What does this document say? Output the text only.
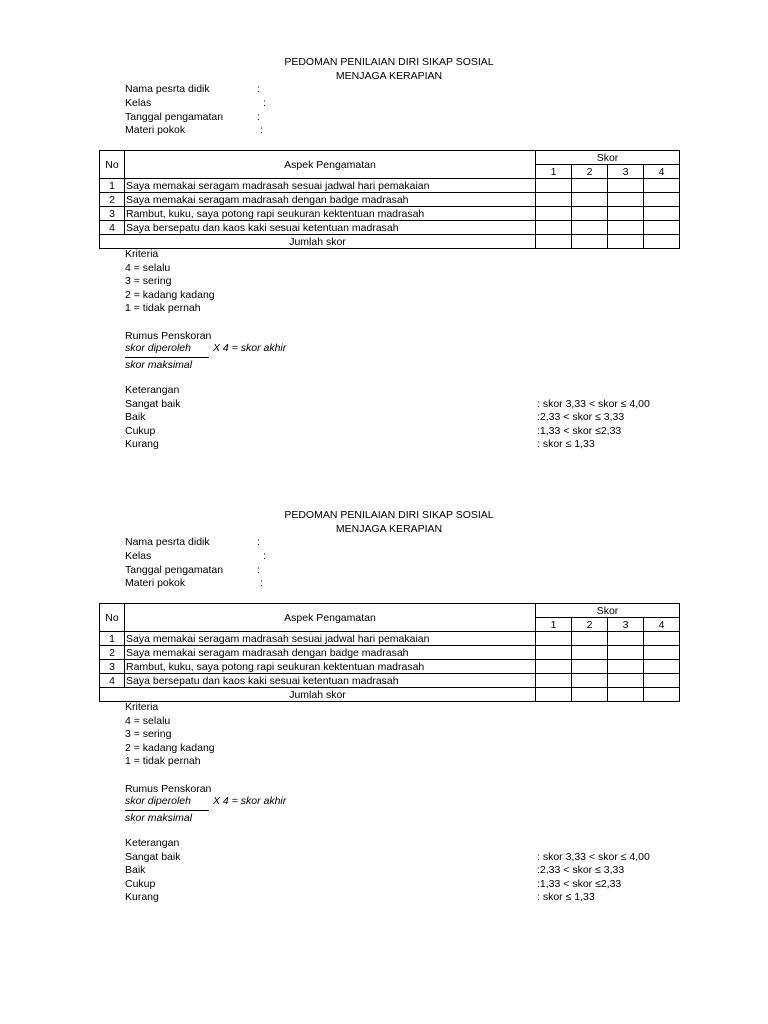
PEDOMAN PENILAIAN DIRI SIKAP SOSIAL
MENJAGA KERAPIAN
Nama pesrta didik	:
Kelas	:
Tanggal pengamatan	:
Materi pokok	:
No	Aspek Pengamatan	Skor			
		1	2	3	4
1	Saya memakai seragam madrasah sesuai jadwal hari pemakaian				
2	Saya memakai seragam madrasah dengan badge madrasah				
3	Rambut, kuku, saya potong rapi seukuran kektentuan madrasah				
4	Saya bersepatu dan kaos kaki sesuai ketentuan madrasah				
Jumlah skor					
Kriteria
4 = selalu
3 = sering
2 = kadang kadang
1 = tidak pernah
Rumus Penskoran
skor diperoleh X 4 = skor akhir
skor maksimal
Keterangan
Sangat baik	: skor 3,33 < skor ≤ 4,00
Baik	:2,33 < skor ≤ 3,33
Cukup	:1,33 < skor ≤2,33
Kurang	: skor ≤ 1,33
PEDOMAN PENILAIAN DIRI SIKAP SOSIAL
MENJAGA KERAPIAN
Nama pesrta didik	:
Kelas	:
Tanggal pengamatan	:
Materi pokok	:
No	Aspek Pengamatan	Skor			
		1	2	3	4
1	Saya memakai seragam madrasah sesuai jadwal hari pemakaian				
2	Saya memakai seragam madrasah dengan badge madrasah				
3	Rambut, kuku, saya potong rapi seukuran kektentuan madrasah				
4	Saya bersepatu dan kaos kaki sesuai ketentuan madrasah				
Jumlah skor					
Kriteria
4 = selalu
3 = sering
2 = kadang kadang
1 = tidak pernah
Rumus Penskoran
skor diperoleh X 4 = skor akhir
skor maksimal
Keterangan
Sangat baik	: skor 3,33 < skor ≤ 4,00
Baik	:2,33 < skor ≤ 3,33
Cukup	:1,33 < skor ≤2,33
Kurang	: skor ≤ 1,33
